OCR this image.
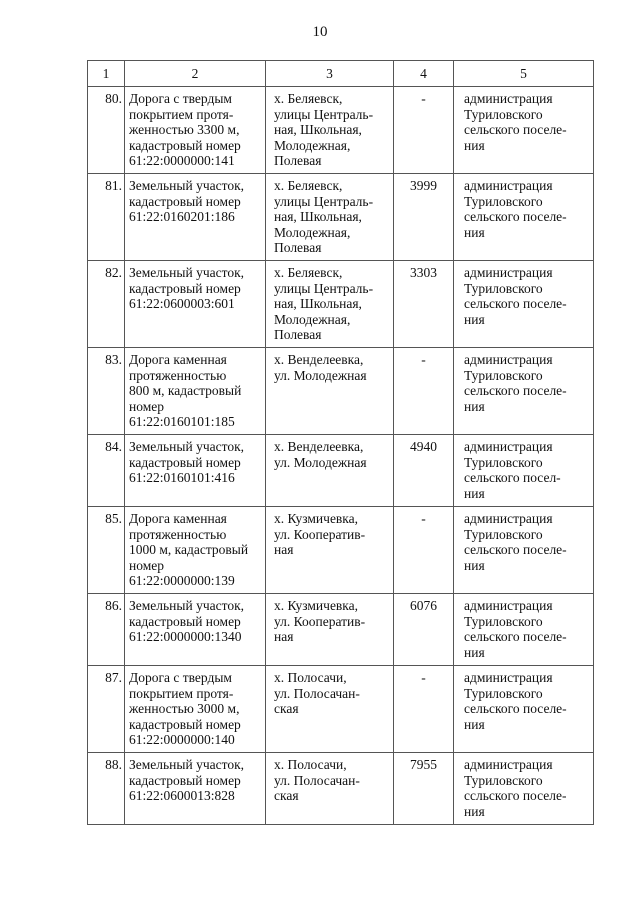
10
1	2	3	4	5
80.	Дорога с твердым
покрытием протя-
женностью 3300 м,
кадастровый номер
61:22:0000000:141	х. Беляевск,
улицы Централь-
ная, Школьная,
Молодежная,
Полевая	-	администрация
Туриловского
сельского поселе-
ния

81.	Земельный участок,
кадастровый номер
61:22:0160201:186	х. Беляевск,
улицы Централь-
ная, Школьная,
Молодежная,
Полевая	3999	администрация
Туриловского
сельского поселе-
ния

82.	Земельный участок,
кадастровый номер
61:22:0600003:601	х. Беляевск,
улицы Централь-
ная, Школьная,
Молодежная,
Полевая	3303	администрация
Туриловского
сельского поселе-
ния

83.	Дорога каменная
протяженностью
800 м, кадастровый
номер
61:22:0160101:185	х. Венделеевка,
ул. Молодежная	-	администрация
Туриловского
сельского поселе-
ния

84.	Земельный участок,
кадастровый номер
61:22:0160101:416	х. Венделеевка,
ул. Молодежная	4940	администрация
Туриловского
сельского посел-
ния

85.	Дорога каменная
протяженностью
1000 м, кадастровый
номер
61:22:0000000:139	х. Кузмичевка,
ул. Кооператив-
ная	-	администрация
Туриловского
сельского поселе-
ния

86.	Земельный участок,
кадастровый номер
61:22:0000000:1340	х. Кузмичевка,
ул. Кооператив-
ная	6076	администрация
Туриловского
сельского поселе-
ния

87.	Дорога с твердым
покрытием протя-
женностью 3000 м,
кадастровый номер
61:22:0000000:140	х. Полосачи,
ул. Полосачан-
ская	-	администрация
Туриловского
сельского поселе-
ния

88.	Земельный участок,
кадастровый номер
61:22:0600013:828	х. Полосачи,
ул. Полосачан-
ская	7955	администрация
Туриловского
ссльского поселе-
ния
